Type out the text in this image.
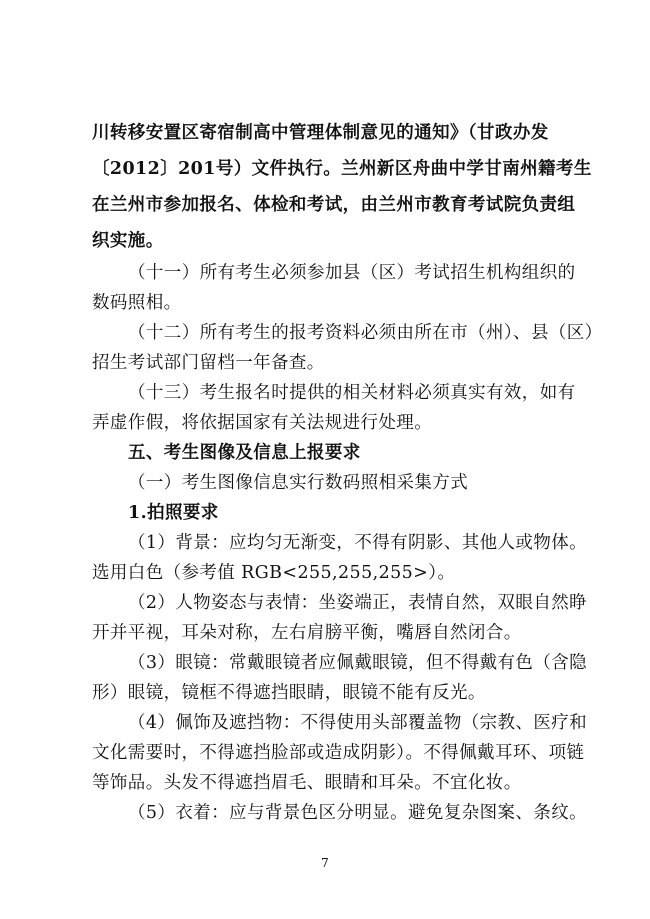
川转移安置区寄宿制高中管理体制意见的通知》（甘政办发
〔2012〕201号）文件执行。兰州新区舟曲中学甘南州籍考生
在兰州市参加报名、体检和考试，由兰州市教育考试院负责组
织实施。
（十一）所有考生必须参加县（区）考试招生机构组织的
数码照相。
（十二）所有考生的报考资料必须由所在市（州）、县（区）
招生考试部门留档一年备查。
（十三）考生报名时提供的相关材料必须真实有效，如有
弄虚作假，将依据国家有关法规进行处理。
五、考生图像及信息上报要求
（一）考生图像信息实行数码照相采集方式
1.拍照要求
（1）背景：应均匀无渐变，不得有阴影、其他人或物体。
选用白色（参考值 RGB<255,255,255>）。
（2）人物姿态与表情：坐姿端正，表情自然，双眼自然睁
开并平视，耳朵对称，左右肩膀平衡，嘴唇自然闭合。
（3）眼镜：常戴眼镜者应佩戴眼镜，但不得戴有色（含隐
形）眼镜，镜框不得遮挡眼睛，眼镜不能有反光。
（4）佩饰及遮挡物：不得使用头部覆盖物（宗教、医疗和
文化需要时，不得遮挡脸部或造成阴影）。不得佩戴耳环、项链
等饰品。头发不得遮挡眉毛、眼睛和耳朵。不宜化妆。
（5）衣着：应与背景色区分明显。避免复杂图案、条纹。
7
